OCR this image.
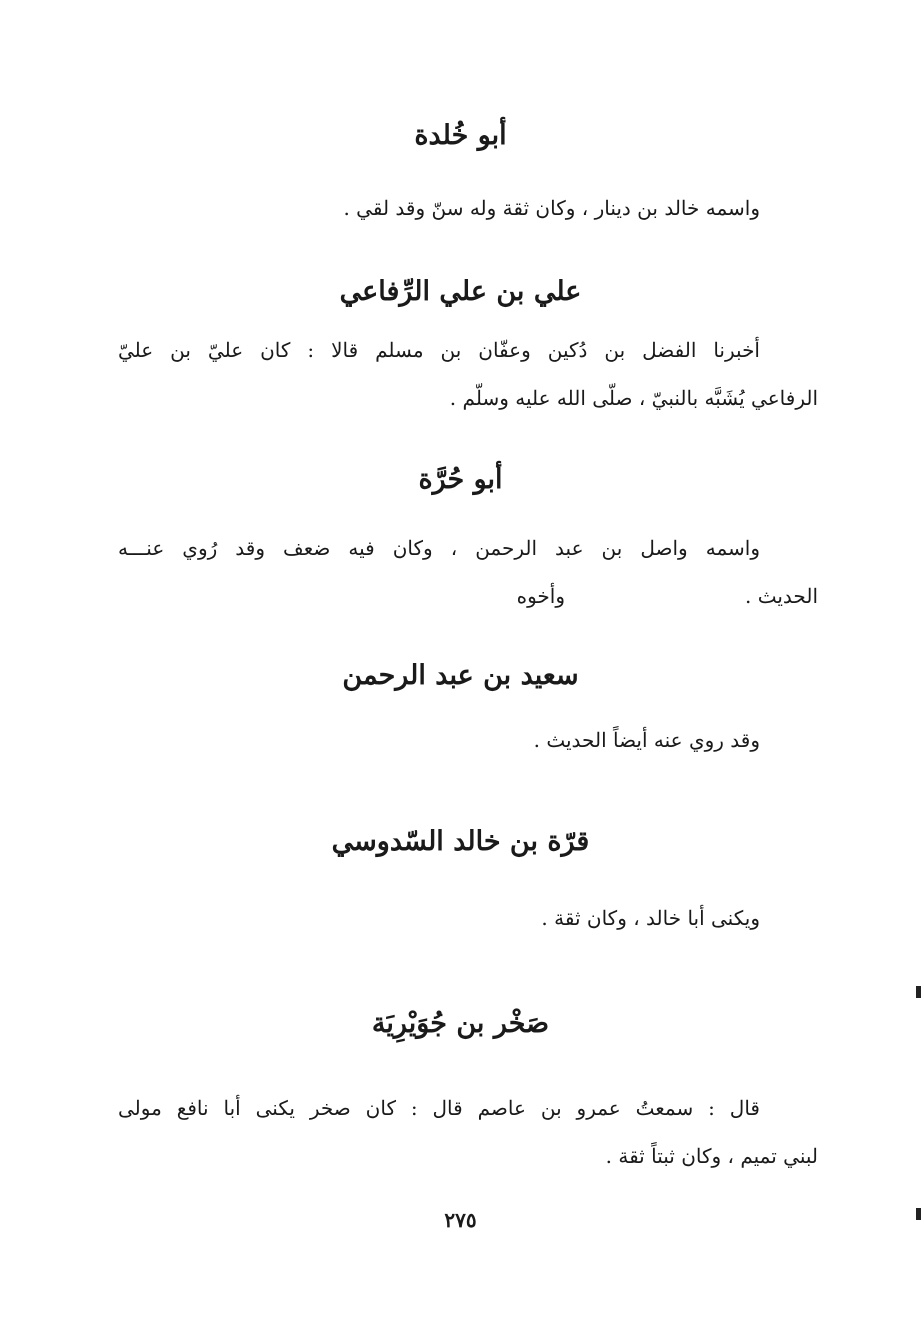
أبو خُلدة
واسمه خالد بن دينار ، وكان ثقة وله سنّ وقد لقي .
علي بن علي الرِّفاعي
أخبرنا الفضل بن دُكين وعفّان بن مسلم قالا : كان عليّ بن عليّ
الرفاعي يُشَبَّه بالنبيّ ، صلّى الله عليه وسلّم .
أبو حُرَّة
واسمه واصل بن عبد الرحمن ، وكان فيه ضعف وقد رُوي عنـــه
الحديث .
وأخوه
سعيد بن عبد الرحمن
وقد روي عنه أيضاً الحديث .
قرّة بن خالد السّدوسي
ويكنى أبا خالد ، وكان ثقة .
صَخْر بن جُوَيْرِيَة
قال : سمعتُ عمرو بن عاصم قال : كان صخر يكنى أبا نافع مولى
لبني تميم ، وكان ثبتاً ثقة .
٢٧٥
